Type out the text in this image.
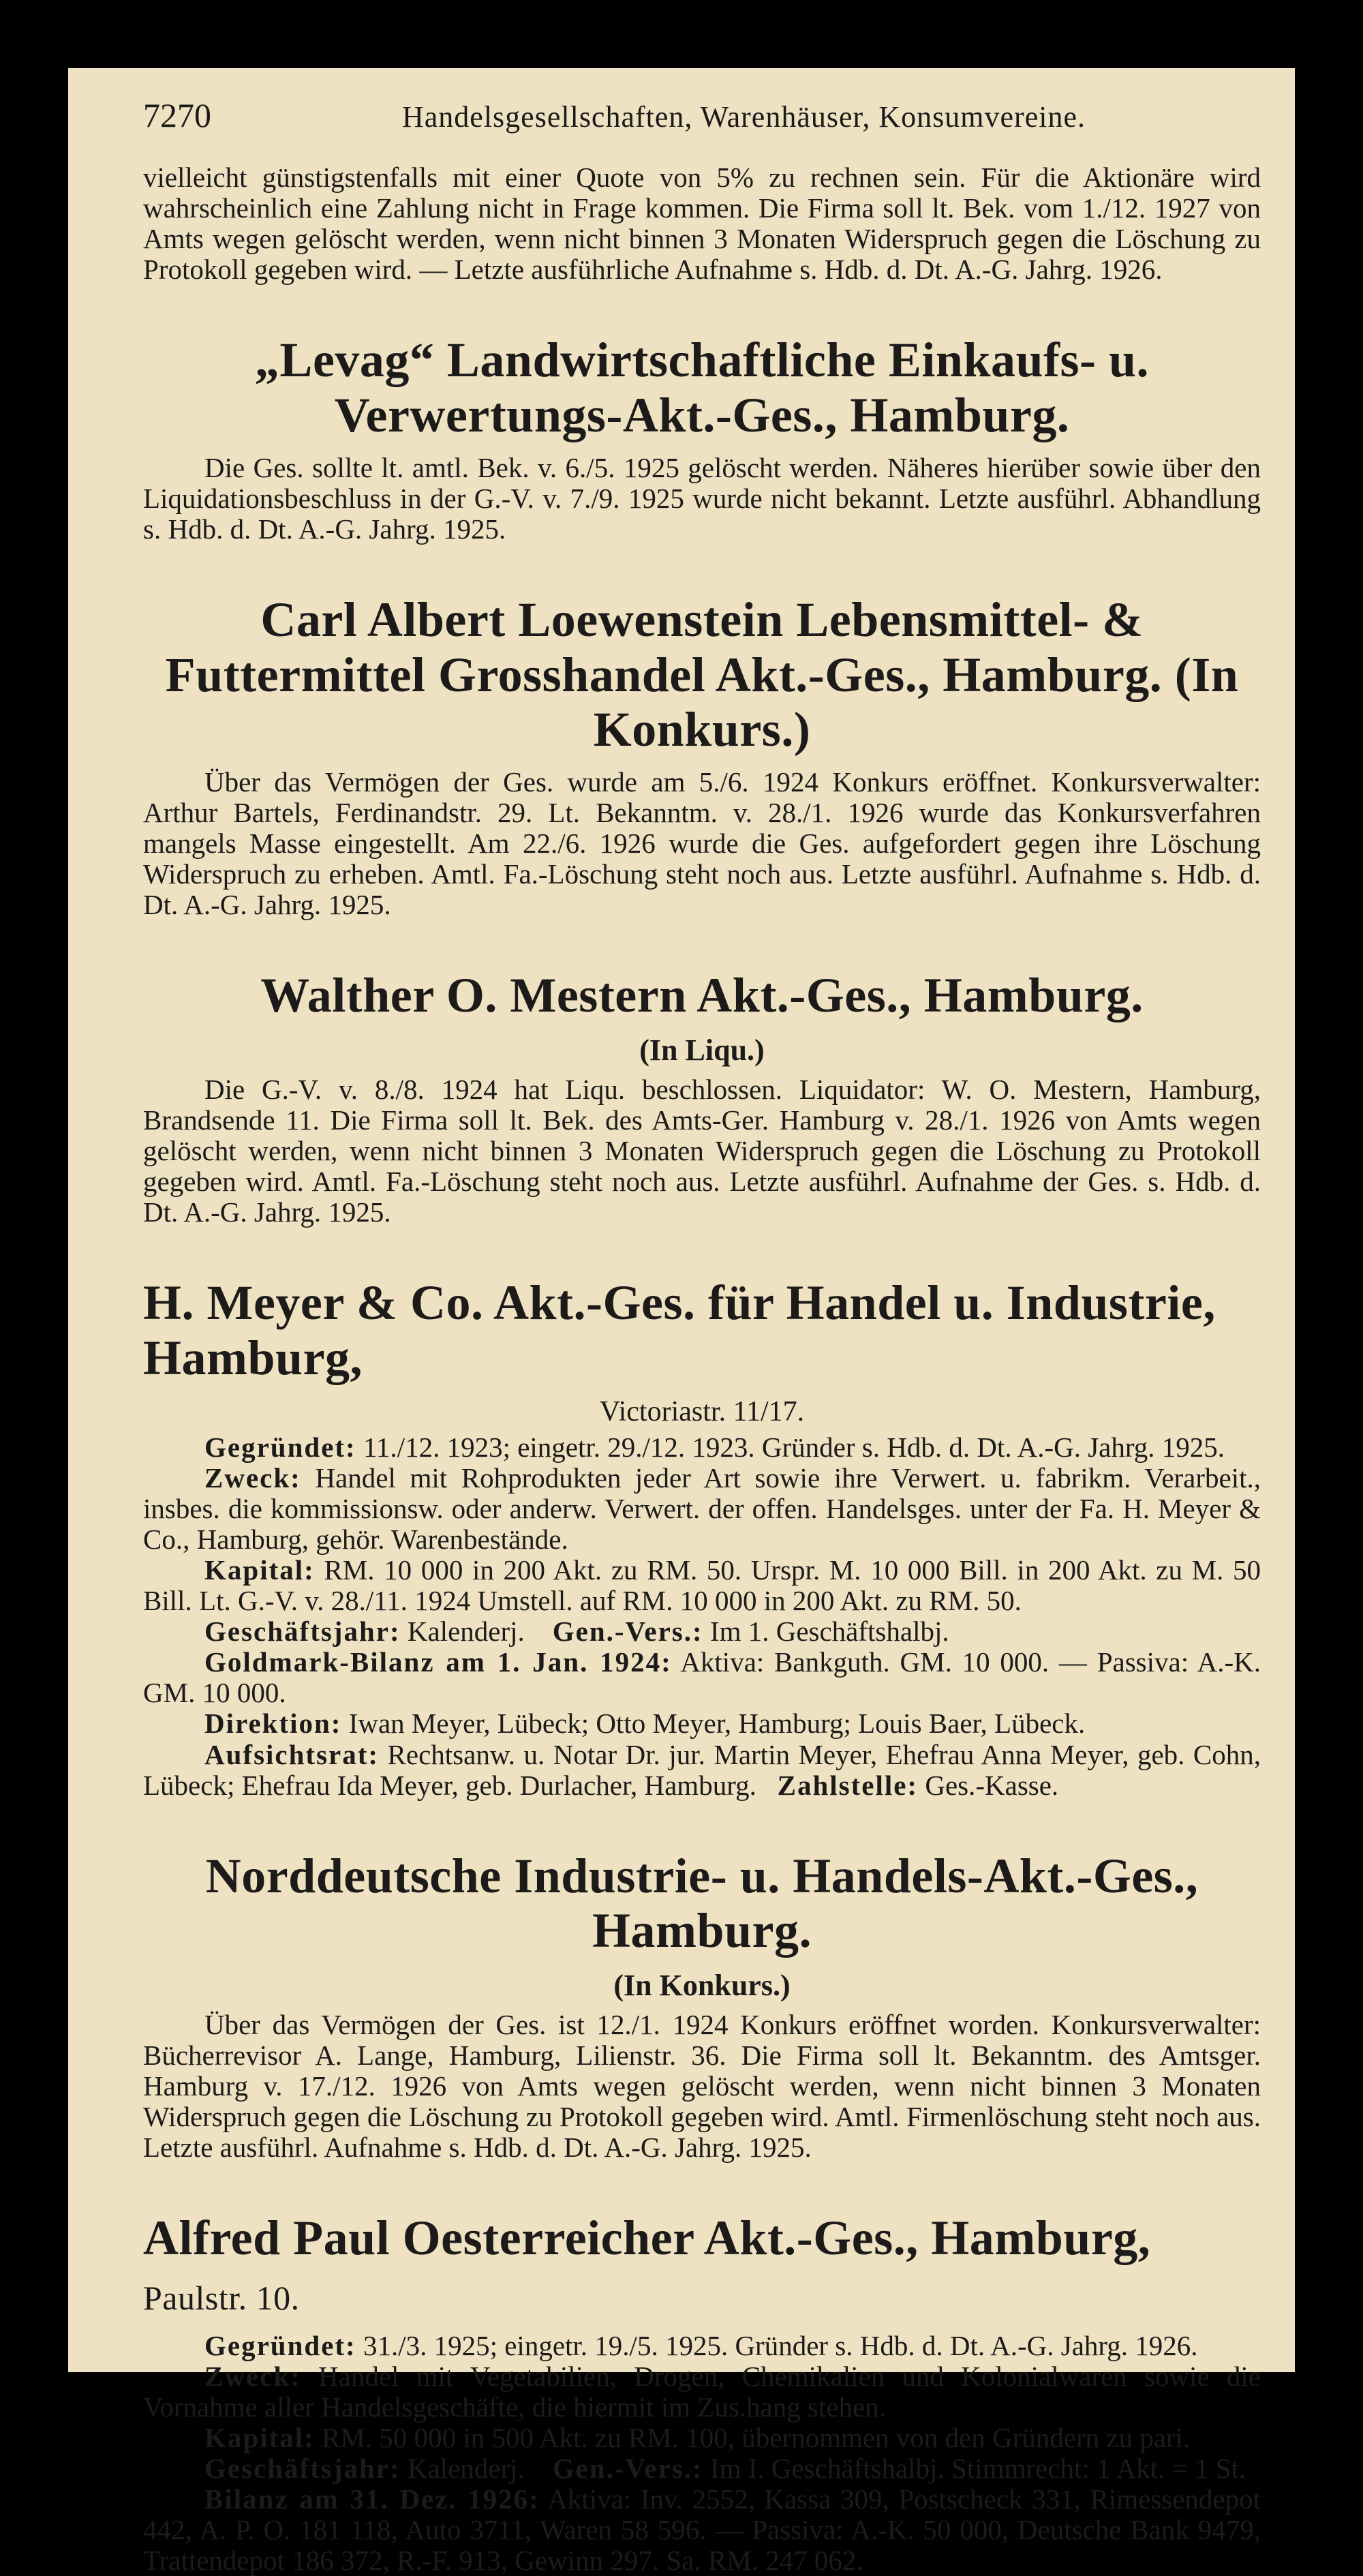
7270	Handelsgesellschaften, Warenhäuser, Konsumvereine.

vielleicht günstigstenfalls mit einer Quote von 5% zu rechnen sein. Für die Aktionäre wird wahrscheinlich eine Zahlung nicht in Frage kommen. Die Firma soll lt. Bek. vom 1./12. 1927 von Amts wegen gelöscht werden, wenn nicht binnen 3 Monaten Widerspruch gegen die Löschung zu Protokoll gegeben wird. — Letzte ausführliche Aufnahme s. Hdb. d. Dt. A.-G. Jahrg. 1926.

„Levag“ Landwirtschaftliche Einkaufs- u. Verwertungs-Akt.-Ges., Hamburg.

Die Ges. sollte lt. amtl. Bek. v. 6./5. 1925 gelöscht werden. Näheres hierüber sowie über den Liquidationsbeschluss in der G.-V. v. 7./9. 1925 wurde nicht bekannt. Letzte ausführl. Abhandlung s. Hdb. d. Dt. A.-G. Jahrg. 1925.

Carl Albert Loewenstein Lebensmittel- & Futtermittel Grosshandel Akt.-Ges., Hamburg. (In Konkurs.)

Über das Vermögen der Ges. wurde am 5./6. 1924 Konkurs eröffnet. Konkursverwalter: Arthur Bartels, Ferdinandstr. 29. Lt. Bekanntm. v. 28./1. 1926 wurde das Konkursverfahren mangels Masse eingestellt. Am 22./6. 1926 wurde die Ges. aufgefordert gegen ihre Löschung Widerspruch zu erheben. Amtl. Fa.-Löschung steht noch aus. Letzte ausführl. Aufnahme s. Hdb. d. Dt. A.-G. Jahrg. 1925.

Walther O. Mestern Akt.-Ges., Hamburg.
(In Liqu.)

Die G.-V. v. 8./8. 1924 hat Liqu. beschlossen. Liquidator: W. O. Mestern, Hamburg, Brandsende 11. Die Firma soll lt. Bek. des Amts-Ger. Hamburg v. 28./1. 1926 von Amts wegen gelöscht werden, wenn nicht binnen 3 Monaten Widerspruch gegen die Löschung zu Protokoll gegeben wird. Amtl. Fa.-Löschung steht noch aus. Letzte ausführl. Aufnahme der Ges. s. Hdb. d. Dt. A.-G. Jahrg. 1925.

H. Meyer & Co. Akt.-Ges. für Handel u. Industrie, Hamburg,
Victoriastr. 11/17.

Gegründet: 11./12. 1923; eingetr. 29./12. 1923. Gründer s. Hdb. d. Dt. A.-G. Jahrg. 1925.

Zweck: Handel mit Rohprodukten jeder Art sowie ihre Verwert. u. fabrikm. Verarbeit., insbes. die kommissionsw. oder anderw. Verwert. der offen. Handelsges. unter der Fa. H. Meyer & Co., Hamburg, gehör. Warenbestände.

Kapital: RM. 10 000 in 200 Akt. zu RM. 50. Urspr. M. 10 000 Bill. in 200 Akt. zu M. 50 Bill. Lt. G.-V. v. 28./11. 1924 Umstell. auf RM. 10 000 in 200 Akt. zu RM. 50.

Geschäftsjahr: Kalenderj. Gen.-Vers.: Im 1. Geschäftshalbj.

Goldmark-Bilanz am 1. Jan. 1924: Aktiva: Bankguth. GM. 10 000. — Passiva: A.-K. GM. 10 000.

Direktion: Iwan Meyer, Lübeck; Otto Meyer, Hamburg; Louis Baer, Lübeck.

Aufsichtsrat: Rechtsanw. u. Notar Dr. jur. Martin Meyer, Ehefrau Anna Meyer, geb. Cohn, Lübeck; Ehefrau Ida Meyer, geb. Durlacher, Hamburg. Zahlstelle: Ges.-Kasse.

Norddeutsche Industrie- u. Handels-Akt.-Ges., Hamburg.
(In Konkurs.)

Über das Vermögen der Ges. ist 12./1. 1924 Konkurs eröffnet worden. Konkursverwalter: Bücherrevisor A. Lange, Hamburg, Lilienstr. 36. Die Firma soll lt. Bekanntm. des Amtsger. Hamburg v. 17./12. 1926 von Amts wegen gelöscht werden, wenn nicht binnen 3 Monaten Widerspruch gegen die Löschung zu Protokoll gegeben wird. Amtl. Firmenlöschung steht noch aus. Letzte ausführl. Aufnahme s. Hdb. d. Dt. A.-G. Jahrg. 1925.

Alfred Paul Oesterreicher Akt.-Ges., Hamburg, Paulstr. 10.

Gegründet: 31./3. 1925; eingetr. 19./5. 1925. Gründer s. Hdb. d. Dt. A.-G. Jahrg. 1926.

Zweck: Handel mit Vegetabilien, Drogen, Chemikalien und Kolonialwaren sowie die Vornahme aller Handelsgeschäfte, die hiermit im Zus.hang stehen.

Kapital: RM. 50 000 in 500 Akt. zu RM. 100, übernommen von den Gründern zu pari.

Geschäftsjahr: Kalenderj. Gen.-Vers.: Im I. Geschäftshalbj. Stimmrecht: 1 Akt. = 1 St.

Bilanz am 31. Dez. 1926: Aktiva: Inv. 2552, Kassa 309, Postscheck 331, Rimessendepot 442, A. P. O. 181 118, Auto 3711, Waren 58 596. — Passiva: A.-K. 50 000, Deutsche Bank 9479, Trattendepot 186 372, R.-F. 913, Gewinn 297. Sa. RM. 247 062.
